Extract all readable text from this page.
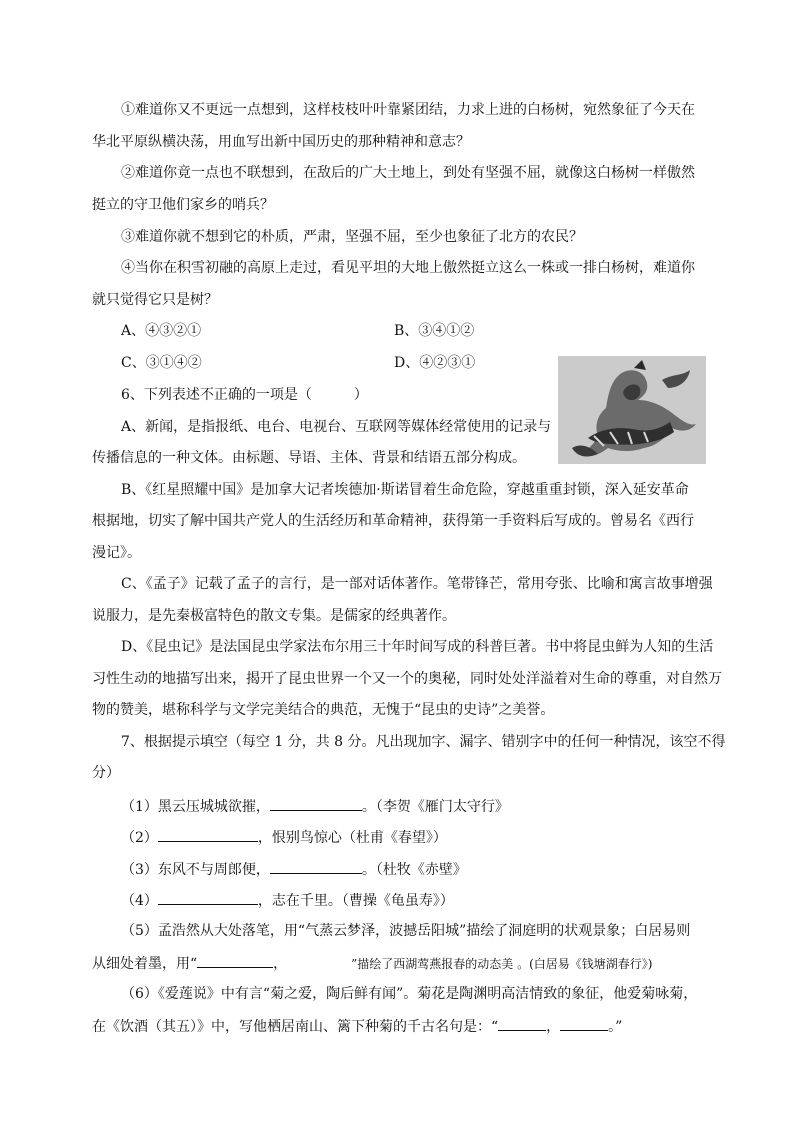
①难道你又不更远一点想到，这样枝枝叶叶靠紧团结，力求上进的白杨树，宛然象征了今天在
华北平原纵横决荡，用血写出新中国历史的那种精神和意志？
②难道你竟一点也不联想到，在敌后的广大土地上，到处有坚强不屈，就像这白杨树一样傲然
挺立的守卫他们家乡的哨兵？
③难道你就不想到它的朴质，严肃，坚强不屈，至少也象征了北方的农民？
④当你在积雪初融的高原上走过，看见平坦的大地上傲然挺立这么一株或一排白杨树，难道你
就只觉得它只是树？
A、④③②①	B、③④①②
C、③①④②	D、④②③①
6、下列表述不正确的一项是（　　　）
A、新闻，是指报纸、电台、电视台、互联网等媒体经常使用的记录与
传播信息的一种文体。由标题、导语、主体、背景和结语五部分构成。
B、《红星照耀中国》是加拿大记者埃德加·斯诺冒着生命危险，穿越重重封锁，深入延安革命
根据地，切实了解中国共产党人的生活经历和革命精神，获得第一手资料后写成的。曾易名《西行
漫记》。
C、《孟子》记载了孟子的言行，是一部对话体著作。笔带锋芒，常用夸张、比喻和寓言故事增强
说服力，是先秦极富特色的散文专集。是儒家的经典著作。
D、《昆虫记》是法国昆虫学家法布尔用三十年时间写成的科普巨著。书中将昆虫鲜为人知的生活
习性生动的地描写出来，揭开了昆虫世界一个又一个的奥秘，同时处处洋溢着对生命的尊重，对自然万
物的赞美，堪称科学与文学完美结合的典范，无愧于“昆虫的史诗”之美誉。
7、根据提示填空（每空 1 分，共 8 分。凡出现加字、漏字、错别字中的任何一种情况，该空不得
分）
（1）黑云压城城欲摧，	。（李贺《雁门太守行》
（2）	，恨别鸟惊心（杜甫《春望》）
（3）东风不与周郎便，	。（杜牧《赤壁》
（4）	，志在千里。（曹操《龟虽寿》）
（5）孟浩然从大处落笔，用“气蒸云梦泽，波撼岳阳城”描绘了洞庭明的状观景象；白居易则
从细处着墨，用“	，	”描绘了西湖莺燕报春的动态美 。(白居易《钱塘湖春行》)
（6）《爱莲说》中有言“菊之爱，陶后鲜有闻”。菊花是陶渊明高洁情致的象征，他爱菊咏菊，
在《饮酒（其五）》中，写他栖居南山、篱下种菊的千古名句是：“	，	。”
